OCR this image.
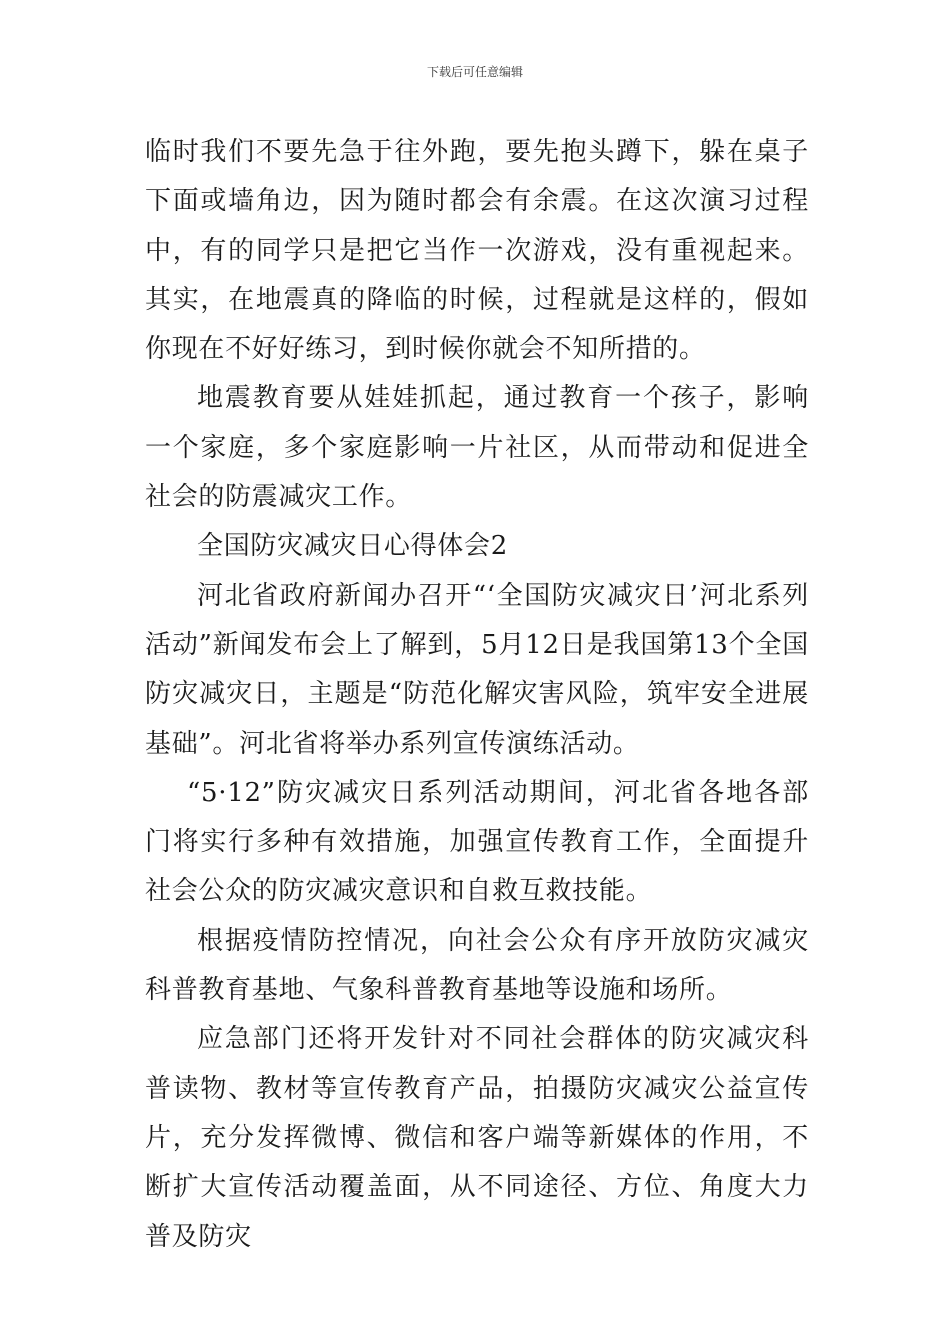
下载后可任意编辑

临时我们不要先急于往外跑，要先抱头蹲下，躲在桌子下面或墙角边，因为随时都会有余震。在这次演习过程中，有的同学只是把它当作一次游戏，没有重视起来。其实，在地震真的降临的时候，过程就是这样的，假如你现在不好好练习，到时候你就会不知所措的。

地震教育要从娃娃抓起，通过教育一个孩子，影响一个家庭，多个家庭影响一片社区，从而带动和促进全社会的防震减灾工作。

全国防灾减灾日心得体会2

河北省政府新闻办召开“‘全国防灾减灾日’河北系列活动”新闻发布会上了解到，5月12日是我国第13个全国防灾减灾日，主题是“防范化解灾害风险，筑牢安全进展基础”。河北省将举办系列宣传演练活动。

“5·12”防灾减灾日系列活动期间，河北省各地各部门将实行多种有效措施，加强宣传教育工作，全面提升社会公众的防灾减灾意识和自救互救技能。

根据疫情防控情况，向社会公众有序开放防灾减灾科普教育基地、气象科普教育基地等设施和场所。

应急部门还将开发针对不同社会群体的防灾减灾科普读物、教材等宣传教育产品，拍摄防灾减灾公益宣传片，充分发挥微博、微信和客户端等新媒体的作用，不断扩大宣传活动覆盖面，从不同途径、方位、角度大力普及防灾
